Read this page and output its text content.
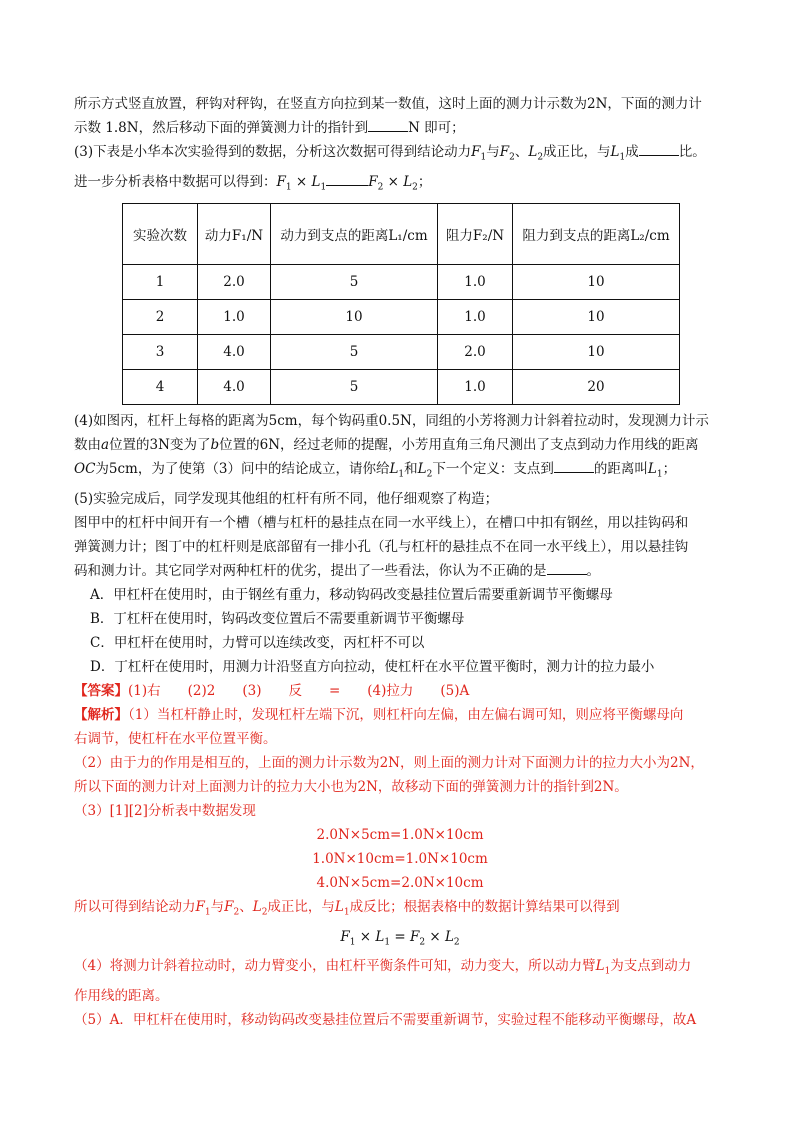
所示方式竖直放置，秤钩对秤钩，在竖直方向拉到某一数值，这时上面的测力计示数为2N，下面的测力计
示数 1.8N，然后移动下面的弹簧测力计的指针到	N 即可；
(3)下表是小华本次实验得到的数据，分析这次数据可得到结论动力$F_1$与$F_2$、$L_2$成正比，与$L_1$成	比。
进一步分析表格中数据可以得到：$F_1 \times L_1$	$F_2 \times L_2$；
实验次数	动力F₁/N	动力到支点的距离L₁/cm	阻力F₂/N	阻力到支点的距离L₂/cm
1	2.0	5	1.0	10
2	1.0	10	1.0	10
3	4.0	5	2.0	10
4	4.0	5	1.0	20
(4)如图丙，杠杆上每格的距离为5cm，每个钩码重0.5N，同组的小芳将测力计斜着拉动时，发现测力计示
数由a位置的3N变为了b位置的6N，经过老师的提醒，小芳用直角三角尺测出了支点到动力作用线的距离
OC为5cm，为了使第（3）问中的结论成立，请你给$L_1$和$L_2$下一个定义：支点到	的距离叫$L_1$；
(5)实验完成后，同学发现其他组的杠杆有所不同，他仔细观察了构造；
图甲中的杠杆中间开有一个槽（槽与杠杆的悬挂点在同一水平线上），在槽口中扣有钢丝，用以挂钩码和
弹簧测力计；图丁中的杠杆则是底部留有一排小孔（孔与杠杆的悬挂点不在同一水平线上），用以悬挂钩
码和测力计。其它同学对两种杠杆的优劣，提出了一些看法，你认为不正确的是	。
A．甲杠杆在使用时，由于钢丝有重力，移动钩码改变悬挂位置后需要重新调节平衡螺母
B．丁杠杆在使用时，钩码改变位置后不需要重新调节平衡螺母
C．甲杠杆在使用时，力臂可以连续改变，丙杠杆不可以
D．丁杠杆在使用时，用测力计沿竖直方向拉动，使杠杆在水平位置平衡时，测力计的拉力最小
【答案】(1)右　　(2)2　　(3)　　反　　=　　(4)拉力　　(5)A
【解析】（1）当杠杆静止时，发现杠杆左端下沉，则杠杆向左偏，由左偏右调可知，则应将平衡螺母向
右调节，使杠杆在水平位置平衡。
（2）由于力的作用是相互的，上面的测力计示数为2N，则上面的测力计对下面测力计的拉力大小为2N，
所以下面的测力计对上面测力计的拉力大小也为2N，故移动下面的弹簧测力计的指针到2N。
（3）[1][2]分析表中数据发现
2.0N×5cm=1.0N×10cm
1.0N×10cm=1.0N×10cm
4.0N×5cm=2.0N×10cm
所以可得到结论动力$F_1$与$F_2$、$L_2$成正比，与$L_1$成反比；根据表格中的数据计算结果可以得到
$F_1 \times L_1 = F_2 \times L_2$
（4）将测力计斜着拉动时，动力臂变小，由杠杆平衡条件可知，动力变大，所以动力臂$L_1$为支点到动力
作用线的距离。
（5）A．甲杠杆在使用时，移动钩码改变悬挂位置后不需要重新调节，实验过程不能移动平衡螺母，故A
